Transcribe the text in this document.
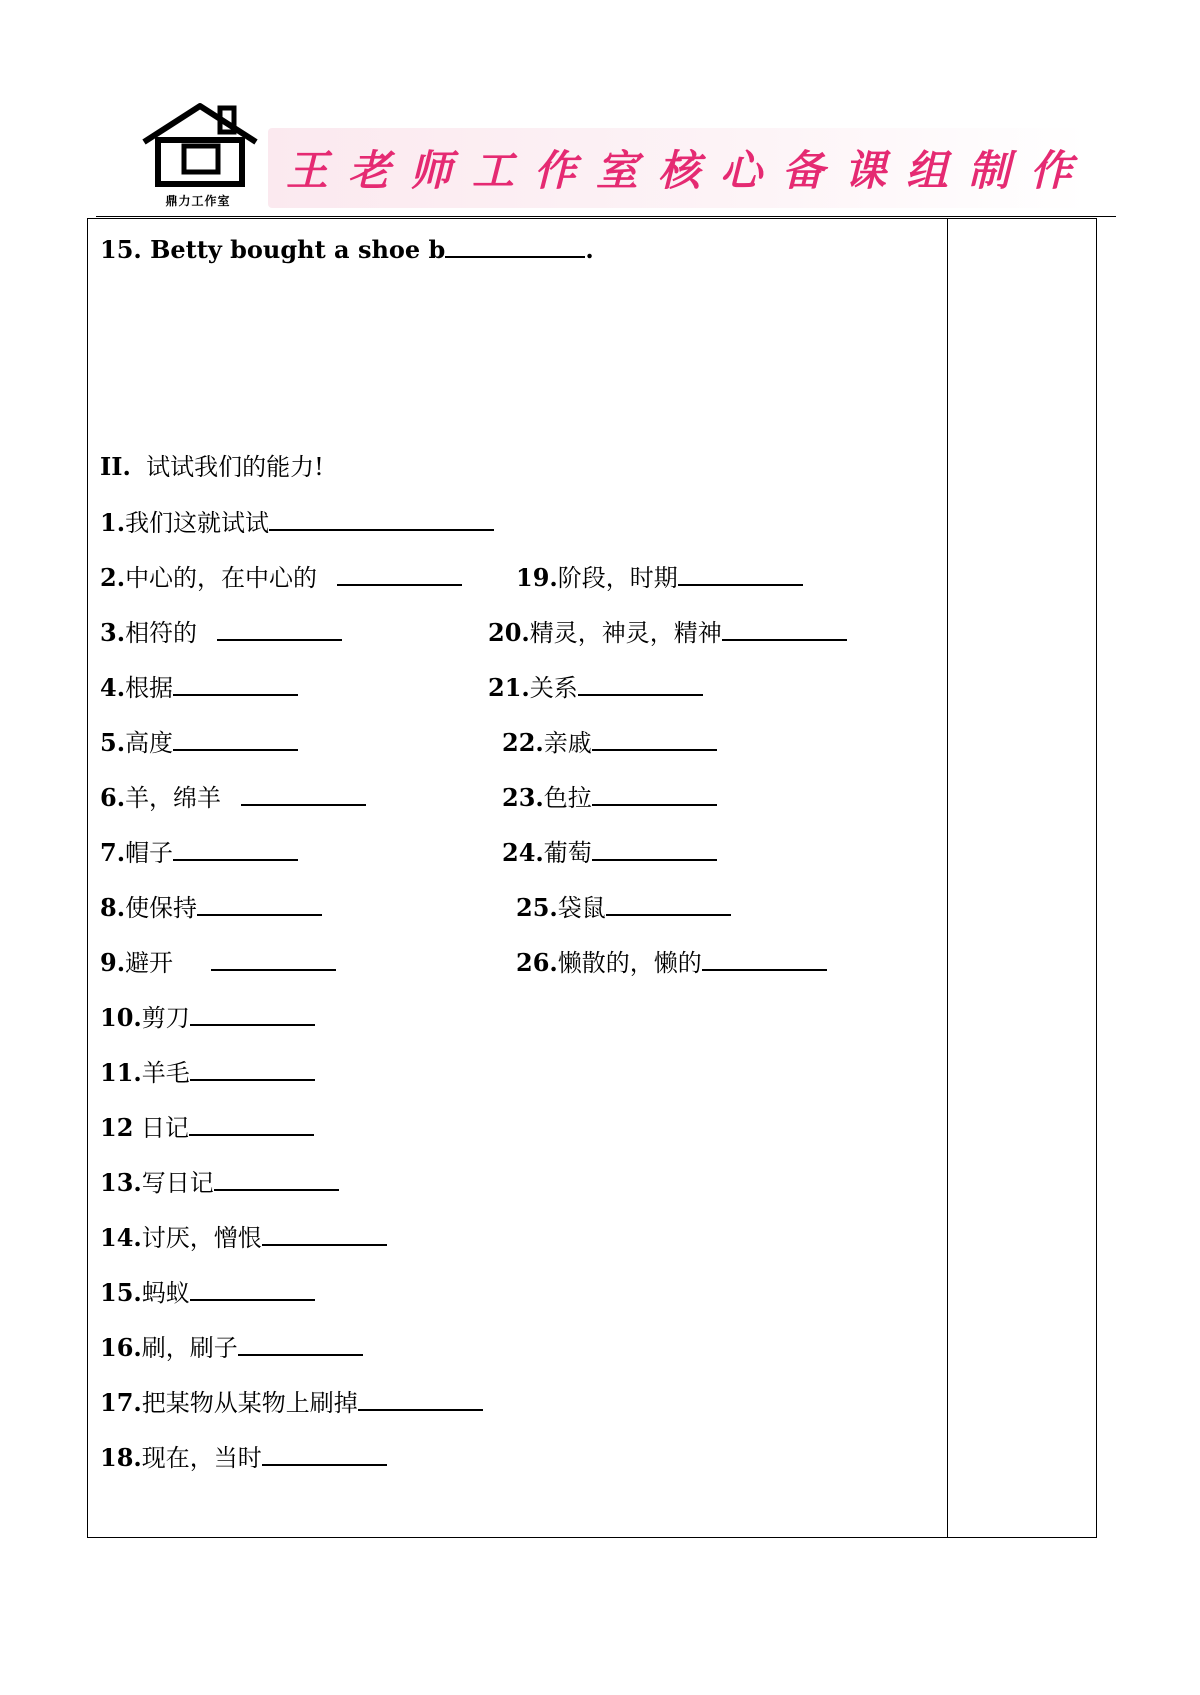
鼎力工作室
王老师工作室核心备课组制作
15. Betty bought a shoe b	.
II. 试试我们的能力!
1.我们这就试试
2.中心的，在中心的
3.相符的
4.根据
5.高度
6.羊，绵羊
7.帽子
8.使保持
9.避开
10.剪刀
11.羊毛
12 日记
13.写日记
14.讨厌，憎恨
15.蚂蚁
16.刷，刷子
17.把某物从某物上刷掉
18.现在，当时
19.阶段，时期
20.精灵，神灵，精神
21.关系
22.亲戚
23.色拉
24.葡萄
25.袋鼠
26.懒散的，懒的
